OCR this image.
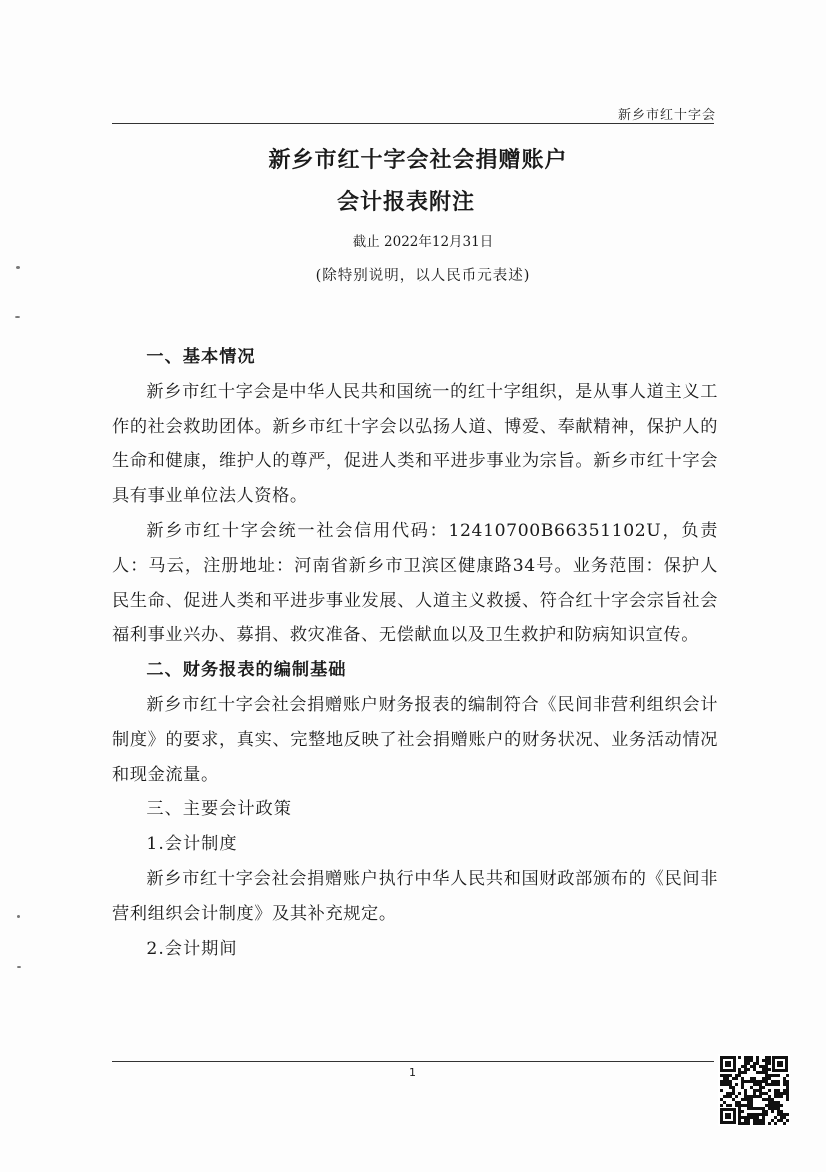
新乡市红十字会
新乡市红十字会社会捐赠账户
会计报表附注
截止 2022年12月31日
(除特别说明，以人民币元表述)
一、基本情况

新乡市红十字会是中华人民共和国统一的红十字组织，是从事人道主义工作的社会救助团体。新乡市红十字会以弘扬人道、博爱、奉献精神，保护人的生命和健康，维护人的尊严，促进人类和平进步事业为宗旨。新乡市红十字会具有事业单位法人资格。

新乡市红十字会统一社会信用代码：12410700B66351102U，负责人：马云，注册地址：河南省新乡市卫滨区健康路34号。业务范围：保护人民生命、促进人类和平进步事业发展、人道主义救援、符合红十字会宗旨社会福利事业兴办、募捐、救灾准备、无偿献血以及卫生救护和防病知识宣传。

二、财务报表的编制基础

新乡市红十字会社会捐赠账户财务报表的编制符合《民间非营利组织会计制度》的要求，真实、完整地反映了社会捐赠账户的财务状况、业务活动情况和现金流量。

三、主要会计政策
1.会计制度

新乡市红十字会社会捐赠账户执行中华人民共和国财政部颁布的《民间非营利组织会计制度》及其补充规定。

2.会计期间
1
